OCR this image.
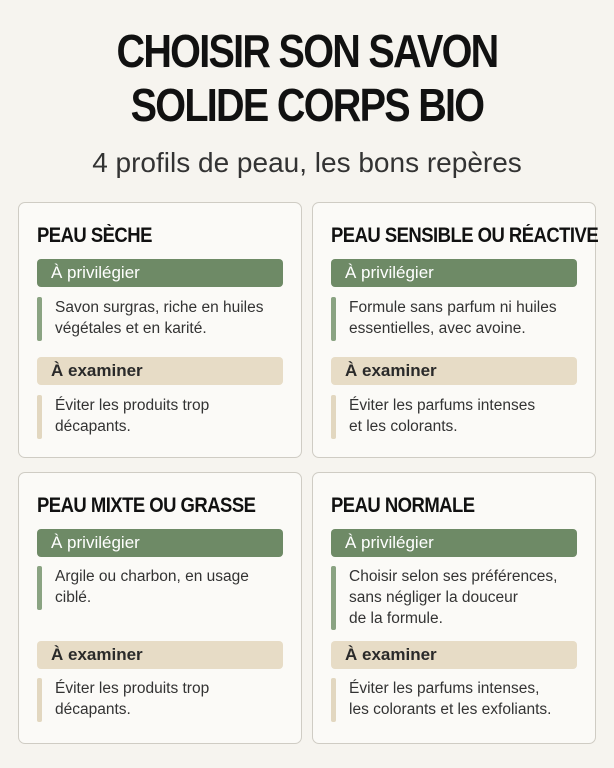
CHOISIR SON SAVON
SOLIDE CORPS BIO
4 profils de peau, les bons repères
PEAU SÈCHE
À privilégier
Savon surgras, riche en huiles
végétales et en karité.
À examiner
Éviter les produits trop
décapants.
PEAU SENSIBLE OU RÉACTIVE
À privilégier
Formule sans parfum ni huiles
essentielles, avec avoine.
À examiner
Éviter les parfums intenses
et les colorants.
PEAU MIXTE OU GRASSE
À privilégier
Argile ou charbon, en usage
ciblé.
À examiner
Éviter les produits trop
décapants.
PEAU NORMALE
À privilégier
Choisir selon ses préférences,
sans négliger la douceur
de la formule.
À examiner
Éviter les parfums intenses,
les colorants et les exfoliants.
